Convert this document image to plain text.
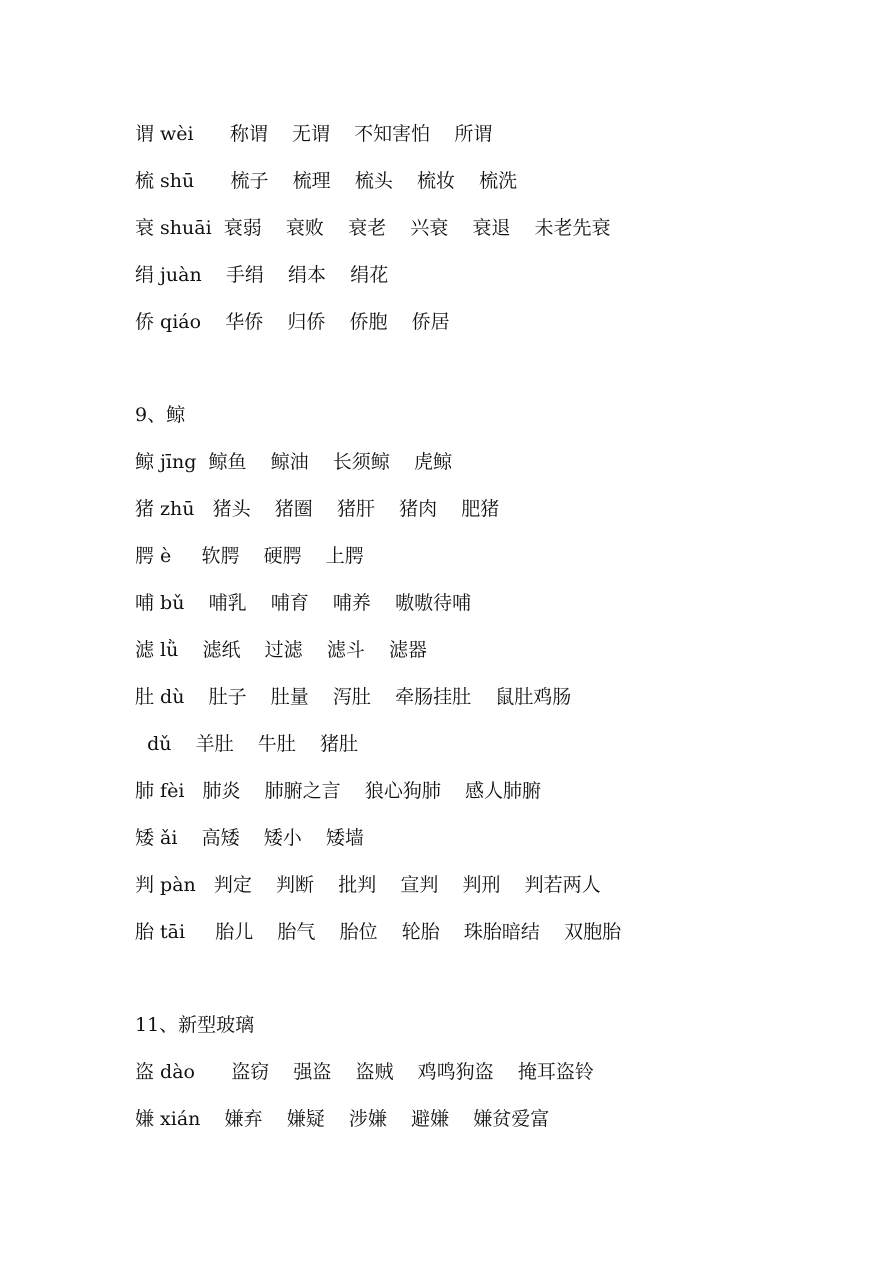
谓 wèi      称谓    无谓    不知害怕    所谓
梳 shū      梳子    梳理    梳头    梳妆    梳洗
衰 shuāi  衰弱    衰败    衰老    兴衰    衰退    未老先衰
绢 juàn    手绢    绢本    绢花
侨 qiáo    华侨    归侨    侨胞    侨居
9、鲸
鲸 jīng  鲸鱼    鲸油    长须鲸    虎鲸
猪 zhū   猪头    猪圈    猪肝    猪肉    肥猪
腭 è     软腭    硬腭    上腭
哺 bǔ    哺乳    哺育    哺养    嗷嗷待哺
滤 lǜ    滤纸    过滤    滤斗    滤器
肚 dù    肚子    肚量    泻肚    牵肠挂肚    鼠肚鸡肠
dǔ    羊肚    牛肚    猪肚
肺 fèi   肺炎    肺腑之言    狼心狗肺    感人肺腑
矮 ǎi    高矮    矮小    矮墙
判 pàn   判定    判断    批判    宣判    判刑    判若两人
胎 tāi     胎儿    胎气    胎位    轮胎    珠胎暗结    双胞胎
11、新型玻璃
盗 dào      盗窃    强盗    盗贼    鸡鸣狗盗    掩耳盗铃
嫌 xián    嫌弃    嫌疑    涉嫌    避嫌    嫌贫爱富
